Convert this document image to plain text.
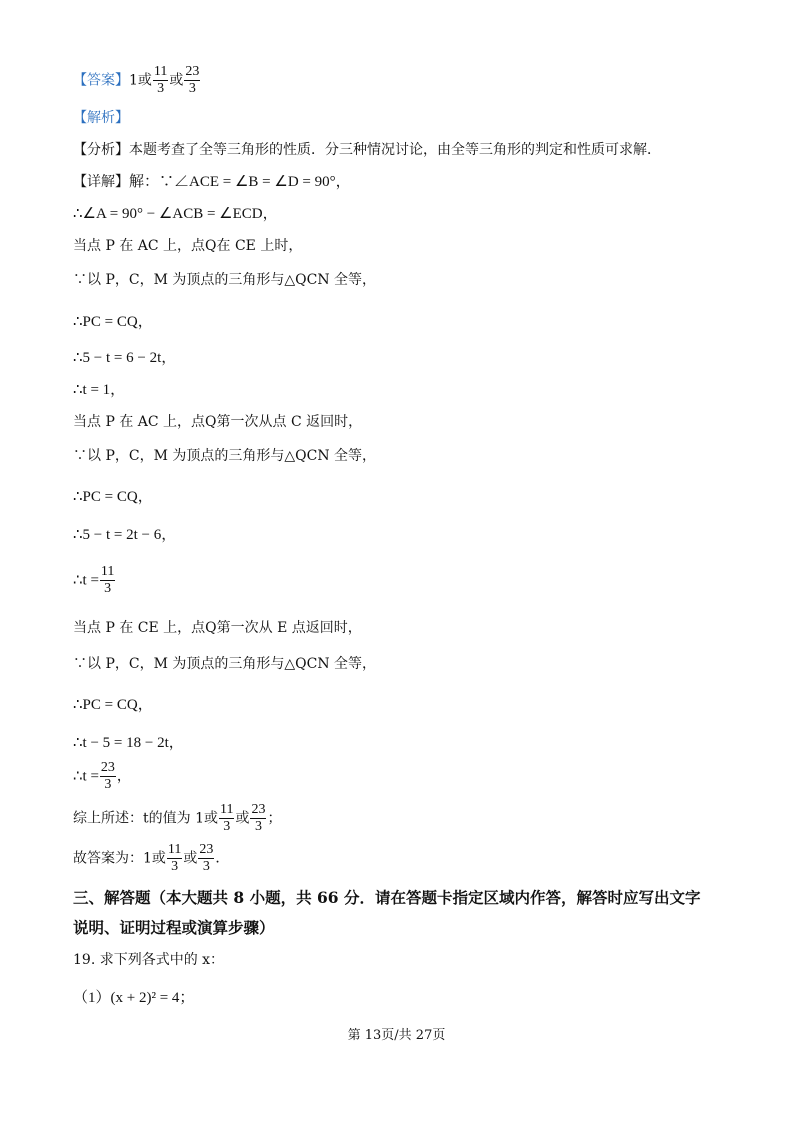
【答案】1或 $\frac{11}{3}$ 或 $\frac{23}{3}$
【解析】
【分析】本题考查了全等三角形的性质．分三种情况讨论，由全等三角形的判定和性质可求解．
【详解】解：∵∠ACE = ∠B = ∠D = 90°，
∴∠A = 90° − ∠ACB = ∠ECD，
当点 P 在 AC 上，点Q在 CE 上时，
∵以 P，C，M 为顶点的三角形与△QCN 全等，
∴PC = CQ，
∴5 − t = 6 − 2t，
∴t = 1，
当点 P 在 AC 上，点Q第一次从点 C 返回时，
∵以 P，C，M 为顶点的三角形与△QCN 全等，
∴PC = CQ，
∴5 − t = 2t − 6，
∴t = $\frac{11}{3}$
当点 P 在 CE 上，点Q第一次从 E 点返回时，
∵以 P，C，M 为顶点的三角形与△QCN 全等，
∴PC = CQ，
∴t − 5 = 18 − 2t，
∴t = $\frac{23}{3}$ ，
综上所述：t的值为 1或 $\frac{11}{3}$ 或 $\frac{23}{3}$ ；
故答案为：1或 $\frac{11}{3}$ 或 $\frac{23}{3}$ ．
三、解答题（本大题共 8 小题，共 66 分．请在答题卡指定区域内作答，解答时应写出文字
说明、证明过程或演算步骤）
19. 求下列各式中的 x：
（1）(x + 2)² = 4；
第 13页/共 27页
